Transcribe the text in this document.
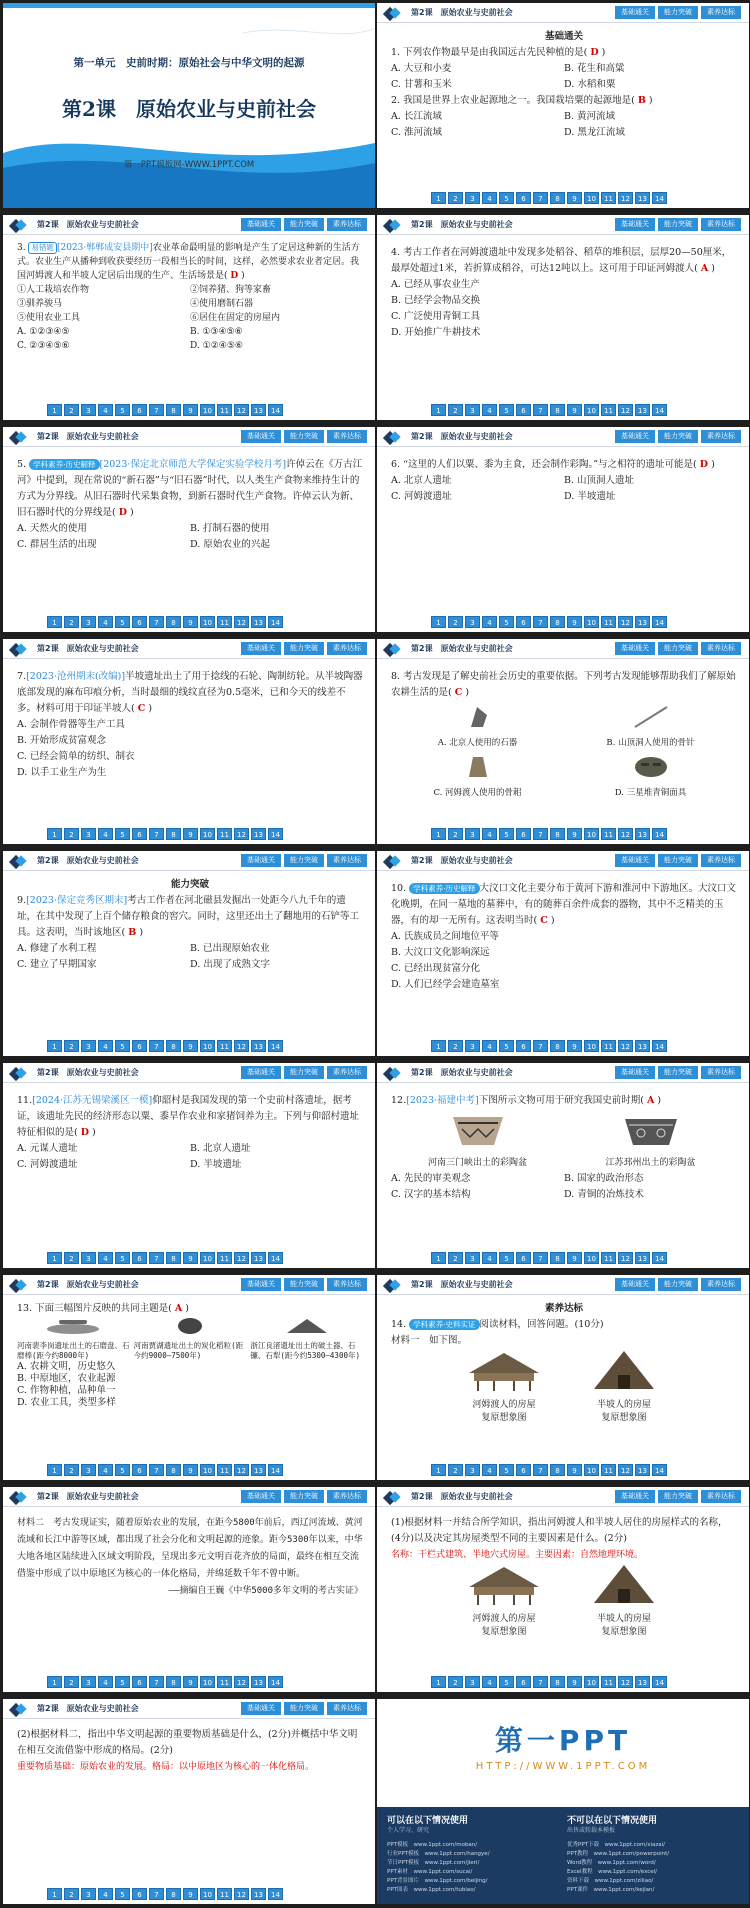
第一单元　史前时期：原始社会与中华文明的起源
第2课　原始农业与史前社会
第一PPT模板网-WWW.1PPT.COM
第2课　原始农业与史前社会	基础通关	能力突破	素养达标

基础通关

1. 下列农作物最早是由我国远古先民种植的是( D )

A. 大豆和小麦	B. 花生和高粱
C. 甘薯和玉米	D. 水稻和粟

2. 我国是世界上农业起源地之一。我国栽培粟的起源地是( B )

A. 长江流域	B. 黄河流域
C. 淮河流域	D. 黑龙江流域
1	2	3	4	5	6	7	8	9	10	11	12	13	14
第2课　原始农业与史前社会	基础通关	能力突破	素养达标

3. 易错题 [2023·郸郸成安县期中]农业革命最明显的影响是产生了定居这种新的生活方式。农业生产从播种到收获要经历一段相当长的时间，这样，必然要求农业者定居。我国河姆渡人和半坡人定居后出现的生产、生活场景是( D )

①人工栽培农作物	②饲养猪、狗等家畜
③驯养骏马	④使用磨制石器
⑤使用农业工具	⑥居住在固定的房屋内
A. ①②③④⑤	B. ①③④⑤⑥
C. ②③④⑤⑥	D. ①②④⑤⑥
1	2	3	4	5	6	7	8	9	10	11	12	13	14
第2课　原始农业与史前社会	基础通关	能力突破	素养达标

4. 考古工作者在河姆渡遗址中发现多处稻谷、稻草的堆积层，层厚20—50厘米，最厚处超过1米，若折算成稻谷，可达12吨以上。这可用于印证河姆渡人( A )

A. 已经从事农业生产

B. 已经学会物品交换

C. 广泛使用青铜工具

D. 开始推广牛耕技术

1	2	3	4	5	6	7	8	9	10	11	12	13	14
第2课　原始农业与史前社会	基础通关	能力突破	素养达标

5. 学科素养·历史解释 [2023·保定北京师范大学保定实验学校月考]许倬云在《万古江河》中提到，现在常说的“新石器”与“旧石器”时代，以人类生产食物来维持生计的方式为分界线。从旧石器时代采集食物，到新石器时代生产食物。许倬云认为新、旧石器时代的分界线是( D )

A. 天然火的使用	B. 打制石器的使用
C. 群居生活的出现	D. 原始农业的兴起
1	2	3	4	5	6	7	8	9	10	11	12	13	14
第2课　原始农业与史前社会	基础通关	能力突破	素养达标

6. “这里的人们以粟、黍为主食，还会制作彩陶。”与之相符的遗址可能是( D )

A. 北京人遗址	B. 山顶洞人遗址
C. 河姆渡遗址	D. 半坡遗址
1	2	3	4	5	6	7	8	9	10	11	12	13	14
第2课　原始农业与史前社会	基础通关	能力突破	素养达标

7.[2023·沧州期末(改编)]半坡遗址出土了用于捻线的石轮、陶制纺轮。从半坡陶器底部发现的麻布印痕分析，当时最细的线纹直径为0.5毫米，已和今天的线差不多。材料可用于印证半坡人( C )

A. 会制作骨器等生产工具

B. 开始形成贫富观念

C. 已经会简单的纺织、制衣

D. 以手工业生产为生

1	2	3	4	5	6	7	8	9	10	11	12	13	14
第2课　原始农业与史前社会	基础通关	能力突破	素养达标

8. 考古发现是了解史前社会历史的重要依据。下列考古发现能够帮助我们了解原始农耕生活的是( C )

A. 北京人使用的石器	B. 山顶洞人使用的骨针
C. 河姆渡人使用的骨耜	D. 三星堆青铜面具
1	2	3	4	5	6	7	8	9	10	11	12	13	14
第2课　原始农业与史前社会	基础通关	能力突破	素养达标

能力突破

9.[2023·保定竞秀区期末]考古工作者在河北磁县发掘出一处距今八九千年的遗址，在其中发现了上百个储存粮食的窖穴。同时，这里还出土了翻地用的石铲等工具。这表明，当时该地区( B )

A. 修建了水利工程	B. 已出现原始农业
C. 建立了早期国家	D. 出现了成熟文字
1	2	3	4	5	6	7	8	9	10	11	12	13	14
第2课　原始农业与史前社会	基础通关	能力突破	素养达标

10. 学科素养·历史解释 大汶口文化主要分布于黄河下游和淮河中下游地区。大汶口文化晚期，在同一墓地的墓葬中，有的随葬百余件成套的器物，其中不乏精美的玉器，有的却一无所有。这表明当时( C )

A. 氏族成员之间地位平等

B. 大汶口文化影响深远

C. 已经出现贫富分化

D. 人们已经学会建造墓室

1	2	3	4	5	6	7	8	9	10	11	12	13	14
第2课　原始农业与史前社会	基础通关	能力突破	素养达标

11.[2024·江苏无锡梁溪区一模]仰韶村是我国发现的第一个史前村落遗址，据考证，该遗址先民的经济形态以粟、黍旱作农业和家猪饲养为主。下列与仰韶村遗址特征相似的是( D )

A. 元谋人遗址	B. 北京人遗址
C. 河姆渡遗址	D. 半坡遗址
1	2	3	4	5	6	7	8	9	10	11	12	13	14
第2课　原始农业与史前社会	基础通关	能力突破	素养达标

12.[2023·福建中考]下图所示文物可用于研究我国史前时期( A )

河南三门峡出土的彩陶盆	江苏邳州出土的彩陶盆
A. 先民的审美观念	B. 国家的政治形态
C. 汉字的基本结构	D. 青铜的冶炼技术
1	2	3	4	5	6	7	8	9	10	11	12	13	14
第2课　原始农业与史前社会	基础通关	能力突破	素养达标

13. 下面三幅图片反映的共同主题是( A )

河南裴李岗遗址出土的石磨盘、石磨棒(距今约8000年)
河南贾湖遗址出土的炭化稻粒(距今约9000—7500年)
浙江良渚遗址出土的破土器、石镰、石犁(距今约5300—4300年)

A. 农耕文明，历史悠久

B. 中原地区，农业起源

C. 作物种植，品种单一

D. 农业工具，类型多样

1	2	3	4	5	6	7	8	9	10	11	12	13	14
第2课　原始农业与史前社会	基础通关	能力突破	素养达标

素养达标

14. 学科素养·史料实证 阅读材料，回答问题。(10分)

材料一　如下图。

河姆渡人的房屋　　复原想象图
半坡人的房屋　　复原想象图
1	2	3	4	5	6	7	8	9	10	11	12	13	14
第2课　原始农业与史前社会	基础通关	能力突破	素养达标

材料二　考古发现证实，随着原始农业的发展，在距今5800年前后，西辽河流域、黄河流域和长江中游等区域，都出现了社会分化和文明起源的迹象。距今5300年以来，中华大地各地区陆续进入区域文明阶段，呈现出多元文明百花齐放的局面，最终在相互交流借鉴中形成了以中原地区为核心的一体化格局，并绵延数千年不曾中断。

——摘编自王巍《中华5000多年文明的考古实证》

1	2	3	4	5	6	7	8	9	10	11	12	13	14
第2课　原始农业与史前社会	基础通关	能力突破	素养达标

(1)根据材料一并结合所学知识，指出河姆渡人和半坡人居住的房屋样式的名称，(4分)以及决定其房屋类型不同的主要因素是什么。(2分)

名称：干栏式建筑、半地穴式房屋。主要因素：自然地理环境。

河姆渡人的房屋　　复原想象图
半坡人的房屋　　复原想象图
1	2	3	4	5	6	7	8	9	10	11	12	13	14
第2课　原始农业与史前社会	基础通关	能力突破	素养达标

(2)根据材料二，指出中华文明起源的重要物质基础是什么，(2分)并概括中华文明在相互交流借鉴中形成的格局。(2分)

重要物质基础：原始农业的发展。格局：以中原地区为核心的一体化格局。

1	2	3	4	5	6	7	8	9	10	11	12	13	14
第一PPT
HTTP://WWW.1PPT.COM
可以在以下情况使用
个人学习、研究
不可以在以下情况使用
出售或转载本模板
PPT模板　www.1ppt.com/moban/
行业PPT模板　www.1ppt.com/hangye/
节日PPT模板　www.1ppt.com/jieri/
PPT素材　www.1ppt.com/sucai/
PPT背景图片　www.1ppt.com/beijing/
PPT图表　www.1ppt.com/tubiao/
优秀PPT下载　www.1ppt.com/xiazai/
PPT教程　www.1ppt.com/powerpoint/
Word教程　www.1ppt.com/word/
Excel教程　www.1ppt.com/excel/
资料下载　www.1ppt.com/ziliao/
PPT课件　www.1ppt.com/kejian/
